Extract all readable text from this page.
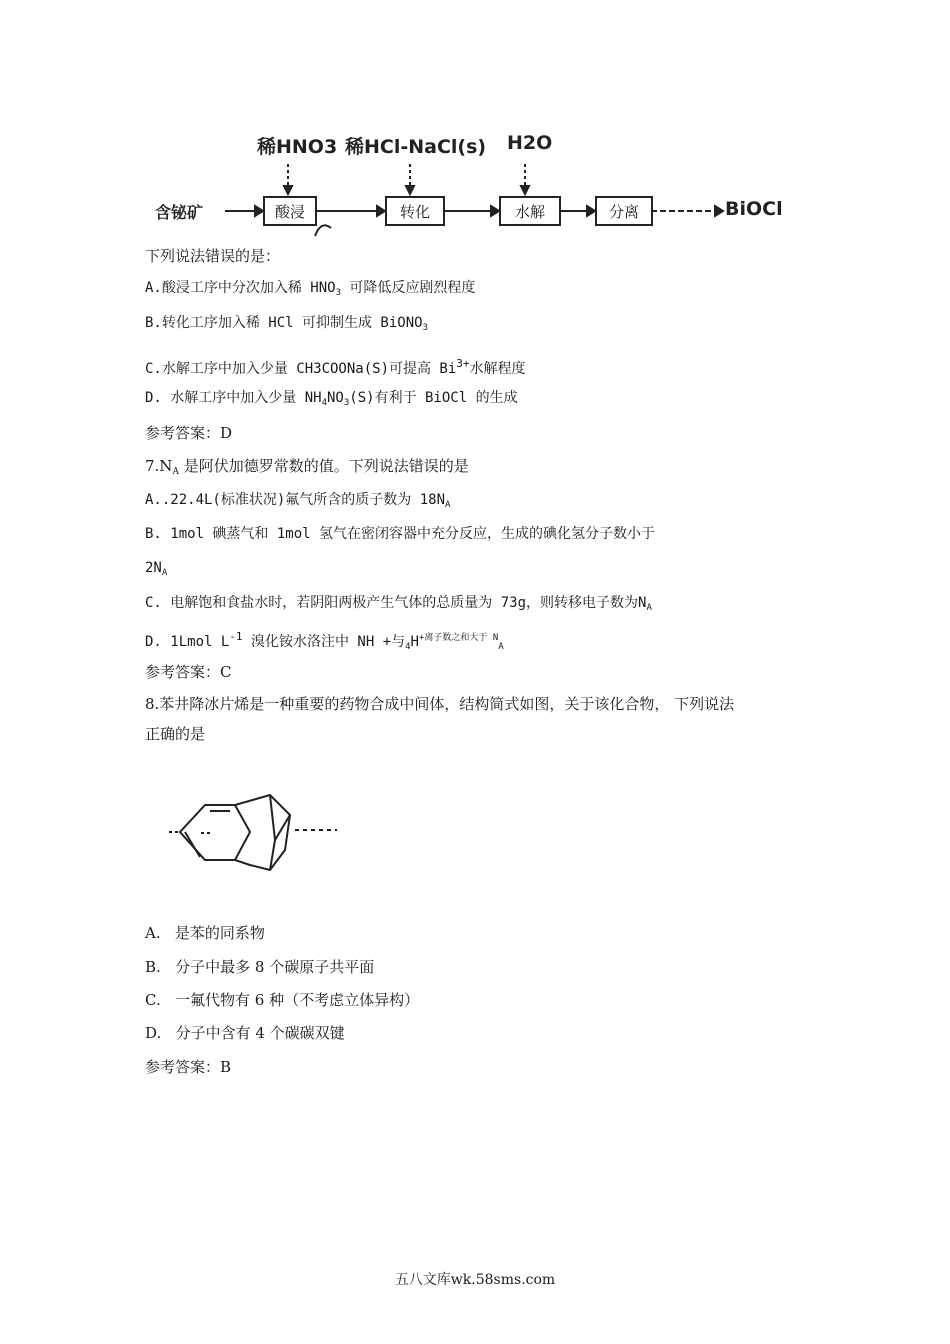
稀HNO3 稀HCl-NaCl(s) H2O
含铋矿	酸浸	转化	水解	分离	BiOCl
下列说法错误的是：
A.酸浸工序中分次加入稀 $HNO_3$ 可降低反应剧烈程度
B.转化工序加入稀 HCl 可抑制生成 BiONO$_3$
C.水解工序中加入少量 CH3COONa(S)可提高 $Bi^{3+}$水解程度
D. 水解工序中加入少量 $NH_4NO_3(S)$有利于 BiOCl 的生成
参考答案：D
$7.N_A$ 是阿伏加德罗常数的值。下列说法错误的是
A..22.4L(标准状况)氟气所含的质子数为 $18N_A$
B. 1mol 碘蒸气和 1mol 氢气在密闭容器中充分反应，生成的碘化氢分子数小于
$2N_A$
C. 电解饱和食盐水时，若阴阳两极产生气体的总质量为 73g，则转移电子数为$N_A$
D. 1Lmol $L^{-1}$ 溴化铵水洛注中 NH +与$_4H^{+离子数之和大于 N}_A$
参考答案：C
8.苯井降冰片烯是一种重要的药物合成中间体，结构简式如图，关于该化合物， 下列说法
正确的是
A. 是苯的同系物
B. 分子中最多 8 个碳原子共平面
C. 一氟代物有 6 种（不考虑立体异构）
D. 分子中含有 4 个碳碳双键
参考答案：B
五八文库wk.58sms.com
